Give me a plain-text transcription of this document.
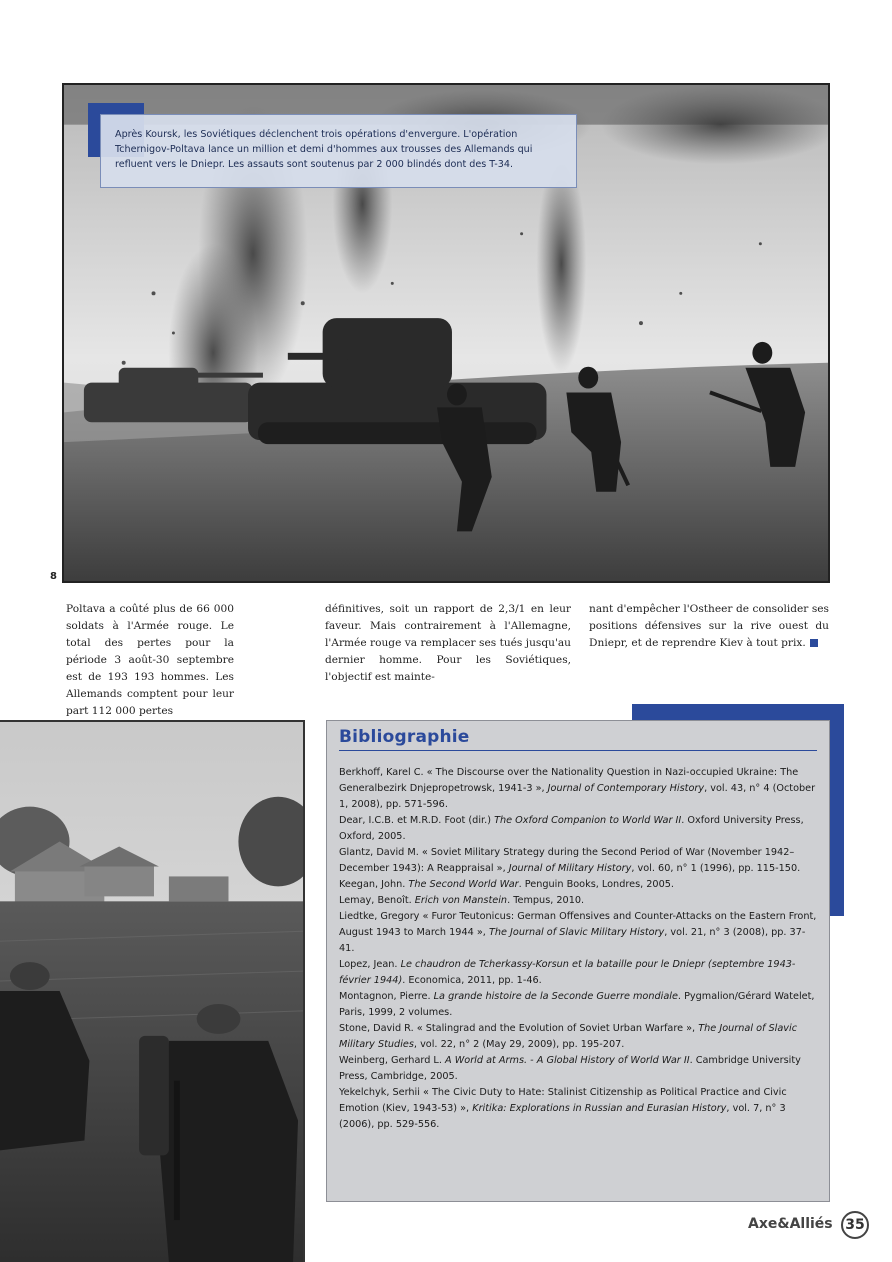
Après Koursk, les Soviétiques déclenchent trois opérations d'envergure. L'opération Tchernigov-Poltava lance un million et demi d'hommes aux trousses des Allemands qui refluent vers le Dniepr. Les assauts sont soutenus par 2 000 blindés dont des T-34.
8
Poltava a coûté plus de 66 000 soldats à l'Armée rouge. Le total des pertes pour la période 3 août-30 septembre est de 193 193 hommes. Les Allemands comptent pour leur part 112 000 pertes
définitives, soit un rapport de 2,3/1 en leur faveur. Mais contrairement à l'Allemagne, l'Armée rouge va remplacer ses tués jusqu'au dernier homme. Pour les Soviétiques, l'objectif est mainte-
nant d'empêcher l'Ostheer de consolider ses positions défensives sur la rive ouest du Dniepr, et de reprendre Kiev à tout prix.
Bibliographie
Berkhoff, Karel C. « The Discourse over the Nationality Question in Nazi-occupied Ukraine: The Generalbezirk Dnjepropetrowsk, 1941-3 », Journal of Contemporary History, vol. 43, n° 4 (October 1, 2008), pp. 571-596.
Dear, I.C.B. et M.R.D. Foot (dir.) The Oxford Companion to World War II. Oxford University Press, Oxford, 2005.
Glantz, David M. « Soviet Military Strategy during the Second Period of War (November 1942–December 1943): A Reappraisal », Journal of Military History, vol. 60, n° 1 (1996), pp. 115-150.
Keegan, John. The Second World War. Penguin Books, Londres, 2005.
Lemay, Benoît. Erich von Manstein. Tempus, 2010.
Liedtke, Gregory « Furor Teutonicus: German Offensives and Counter-Attacks on the Eastern Front, August 1943 to March 1944 », The Journal of Slavic Military History, vol. 21, n° 3 (2008), pp. 37-41.
Lopez, Jean. Le chaudron de Tcherkassy-Korsun et la bataille pour le Dniepr (septembre 1943-février 1944). Economica, 2011, pp. 1-46.
Montagnon, Pierre. La grande histoire de la Seconde Guerre mondiale. Pygmalion/Gérard Watelet, Paris, 1999, 2 volumes.
Stone, David R. « Stalingrad and the Evolution of Soviet Urban Warfare », The Journal of Slavic Military Studies, vol. 22, n° 2 (May 29, 2009), pp. 195-207.
Weinberg, Gerhard L. A World at Arms. - A Global History of World War II. Cambridge University Press, Cambridge, 2005.
Yekelchyk, Serhii « The Civic Duty to Hate: Stalinist Citizenship as Political Practice and Civic Emotion (Kiev, 1943-53) », Kritika: Explorations in Russian and Eurasian History, vol. 7, n° 3 (2006), pp. 529-556.
Axe&Alliés 35
